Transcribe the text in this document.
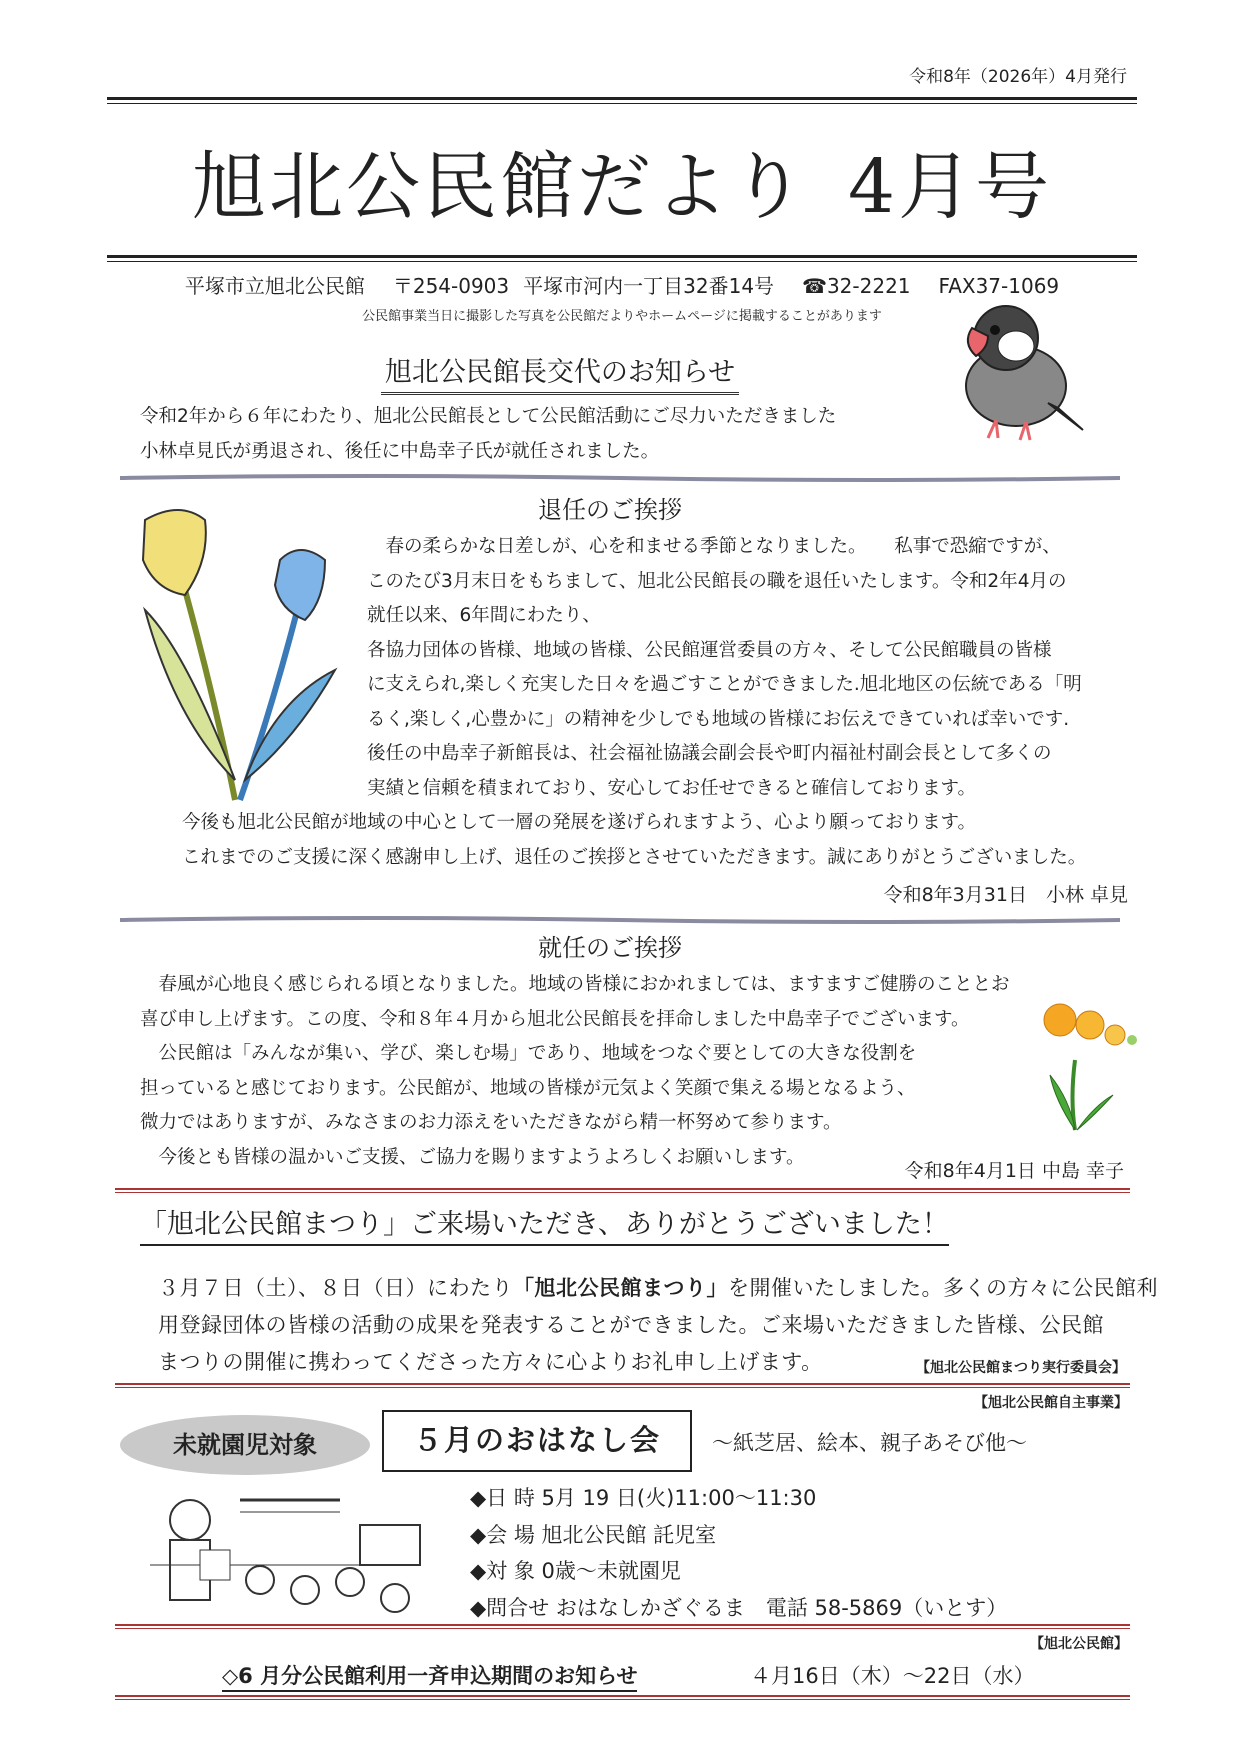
令和8年（2026年）4月発行
旭北公民館だより 4月号
平塚市立旭北公民館 〒254-0903 平塚市河内一丁目32番14号 ☎32-2221 FAX37-1069
公民館事業当日に撮影した写真を公民館だよりやホームページに掲載することがあります
旭北公民館長交代のお知らせ

令和2年から６年にわたり、旭北公民館長として公民館活動にご尽力いただきました

小林卓見氏が勇退され、後任に中島幸子氏が就任されました。

退任のご挨拶

　春の柔らかな日差しが、心を和ませる季節となりました。　　私事で恐縮ですが、

このたび3月末日をもちまして、旭北公民館長の職を退任いたします。令和2年4月の

就任以来、6年間にわたり、

各協力団体の皆様、地域の皆様、公民館運営委員の方々、そして公民館職員の皆様

に支えられ,楽しく充実した日々を過ごすことができました.旭北地区の伝統である「明

るく,楽しく,心豊かに」の精神を少しでも地域の皆様にお伝えできていれば幸いです.

後任の中島幸子新館長は、社会福祉協議会副会長や町内福祉村副会長として多くの

実績と信頼を積まれており、安心してお任せできると確信しております。

今後も旭北公民館が地域の中心として一層の発展を遂げられますよう、心より願っております。

これまでのご支援に深く感謝申し上げ、退任のご挨拶とさせていただきます。誠にありがとうございました。

令和8年3月31日　小林 卓見
就任のご挨拶

　春風が心地良く感じられる頃となりました。地域の皆様におかれましては、ますますご健勝のこととお

喜び申し上げます。この度、令和８年４月から旭北公民館長を拝命しました中島幸子でございます。

　公民館は「みんなが集い、学び、楽しむ場」であり、地域をつなぐ要としての大きな役割を

担っていると感じております。公民館が、地域の皆様が元気よく笑顔で集える場となるよう、

微力ではありますが、みなさまのお力添えをいただきながら精一杯努めて参ります。

　今後とも皆様の温かいご支援、ご協力を賜りますようよろしくお願いします。

令和8年4月1日 中島 幸子
「旭北公民館まつり」ご来場いただき、ありがとうございました！

３月７日（土）、８日（日）にわたり「旭北公民館まつり」を開催いたしました。多くの方々に公民館利

用登録団体の皆様の活動の成果を発表することができました。ご来場いただきました皆様、公民館

まつりの開催に携わってくださった方々に心よりお礼申し上げます。	【旭北公民館まつり実行委員会】
【旭北公民館自主事業】
未就園児対象	５月のおはなし会	～紙芝居、絵本、親子あそび他～

◆日 時 5月 19 日(火)11:00～11:30

◆会 場 旭北公民館 託児室

◆対 象 0歳～未就園児

◆問合せ おはなしかざぐるま　電話 58-5869（いとす）

【旭北公民館】
◇6 月分公民館利用一斉申込期間のお知らせ	４月16日（木）～22日（水）
